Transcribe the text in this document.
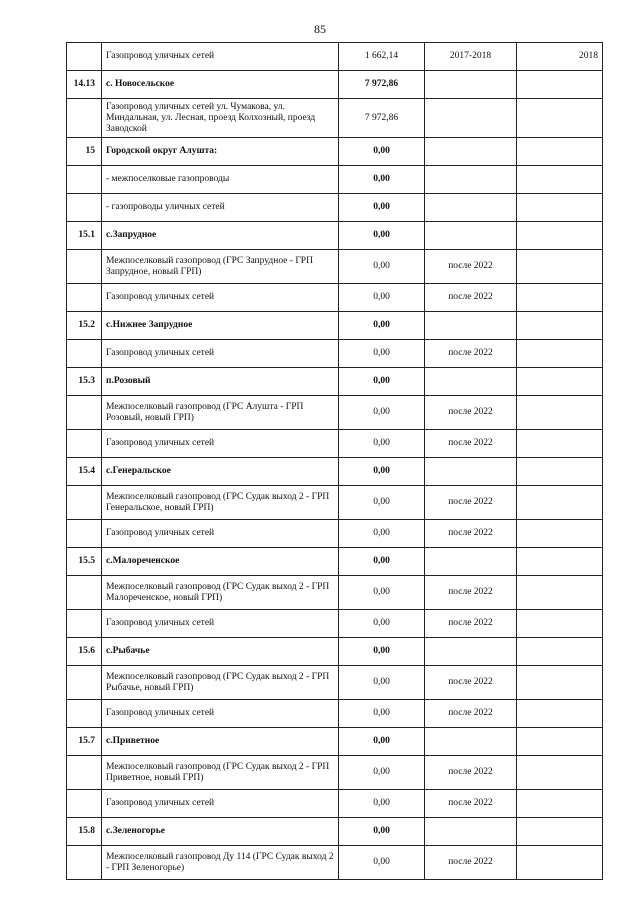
85
	Газопровод уличных сетей	1 662,14	2017-2018	2018
14.13	с. Новосельское	7 972,86		
	Газопровод уличных сетей ул. Чумакова, ул. Миндальная, ул. Лесная, проезд Колхозный, проезд Заводской	7 972,86		
15	Городской округ Алушта:	0,00		
	- межпоселковые газопроводы	0,00		
	- газопроводы уличных сетей	0,00		
15.1	с.Запрудное	0,00		
	Межпоселковый газопровод (ГРС Запрудное - ГРП Запрудное, новый ГРП)	0,00	после 2022	
	Газопровод уличных сетей	0,00	после 2022	
15.2	с.Нижнее Запрудное	0,00		
	Газопровод уличных сетей	0,00	после 2022	
15.3	п.Розовый	0,00		
	Межпоселковый газопровод (ГРС Алушта - ГРП Розовый, новый ГРП)	0,00	после 2022	
	Газопровод уличных сетей	0,00	после 2022	
15.4	с.Генеральское	0,00		
	Межпоселковый газопровод (ГРС Судак выход 2 - ГРП Генеральское, новый ГРП)	0,00	после 2022	
	Газопровод уличных сетей	0,00	после 2022	
15.5	с.Малореченское	0,00		
	Межпоселковый газопровод (ГРС Судак выход 2 - ГРП Малореченское, новый ГРП)	0,00	после 2022	
	Газопровод уличных сетей	0,00	после 2022	
15.6	с.Рыбачье	0,00		
	Межпоселковый газопровод (ГРС Судак выход 2 - ГРП Рыбачье, новый ГРП)	0,00	после 2022	
	Газопровод уличных сетей	0,00	после 2022	
15.7	с.Приветное	0,00		
	Межпоселковый газопровод (ГРС Судак выход 2 - ГРП Приветное, новый ГРП)	0,00	после 2022	
	Газопровод уличных сетей	0,00	после 2022	
15.8	с.Зеленогорье	0,00		
	Межпоселковый газопровод Ду 114 (ГРС Судак выход 2 - ГРП Зеленогорье)	0,00	после 2022	
